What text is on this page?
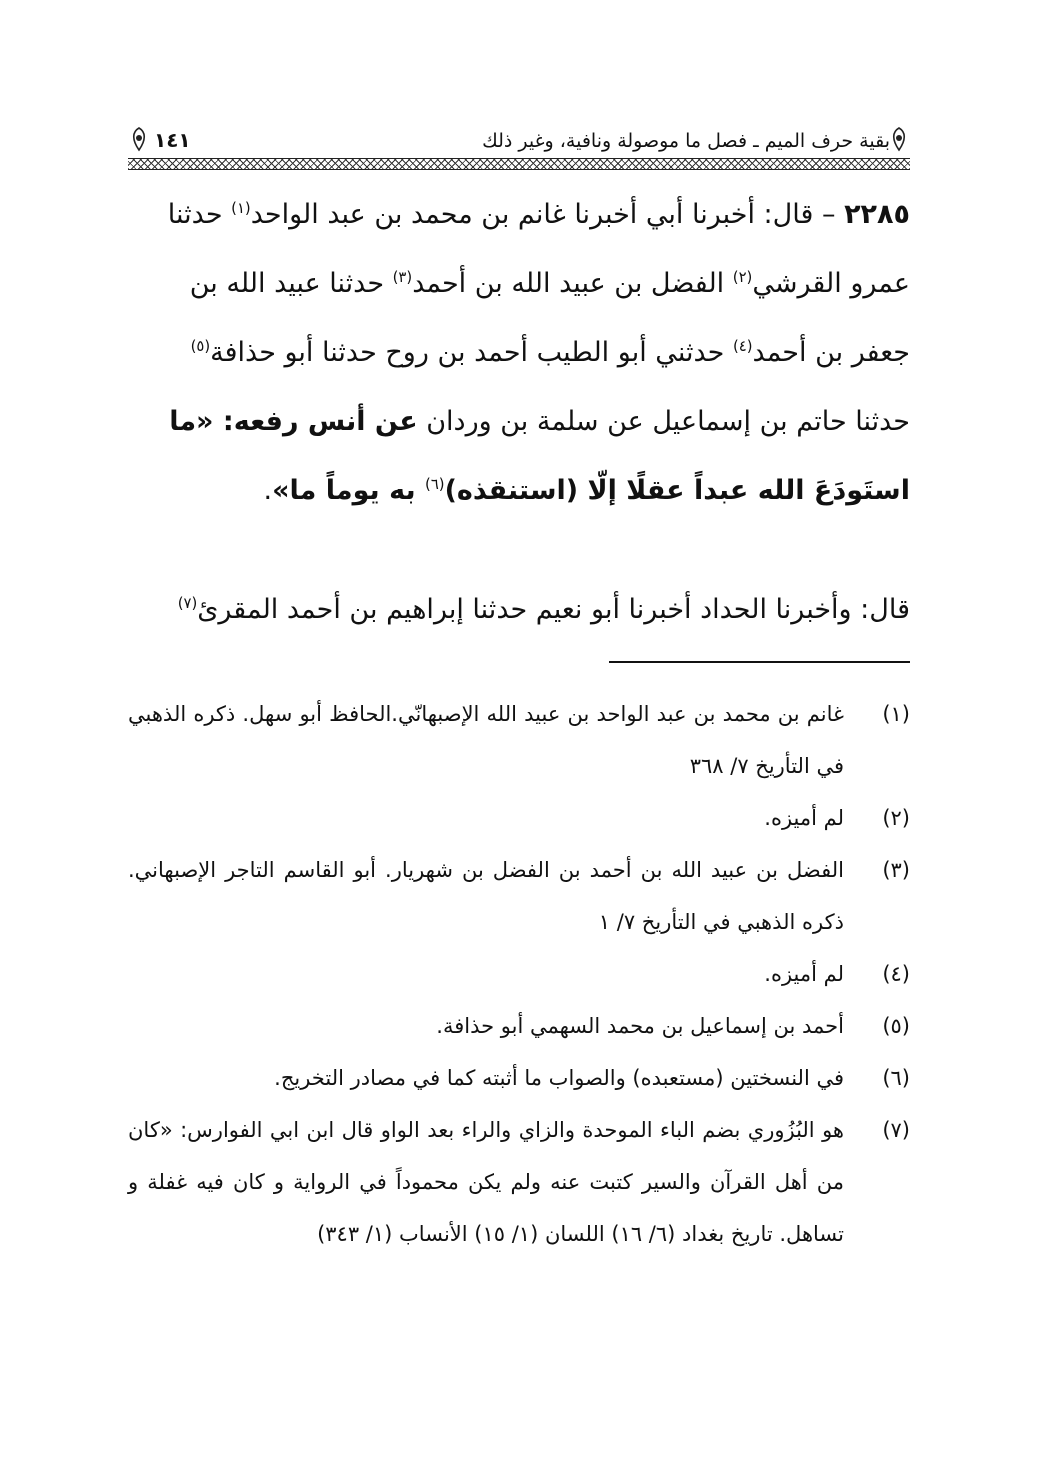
بقية حرف الميم ـ فصل ما موصولة ونافية، وغير ذلك
١٤١

٢٢٨٥ – قال: أخبرنا أبي أخبرنا غانم بن محمد بن عبد الواحد$^{(١)}$ حدثنا عمرو القرشي$^{(٢)}$ الفضل بن عبيد الله بن أحمد$^{(٣)}$ حدثنا عبيد الله بن جعفر بن أحمد$^{(٤)}$ حدثني أبو الطيب أحمد بن روح حدثنا أبو حذافة$^{(٥)}$ حدثنا حاتم بن إسماعيل عن سلمة بن وردان عن أنس رفعه: «ما استَودَعَ الله عبداً عقلًا إلّا (استنقذه)$^{(٦)}$ به يوماً ما».

قال: وأخبرنا الحداد أخبرنا أبو نعيم حدثنا إبراهيم بن أحمد المقرئ$^{(٧)}$
(١)
غانم بن محمد بن عبد الواحد بن عبيد الله الإصبهانّي.الحافظ أبو سهل. ذكره الذهبي في التأريخ ٧/ ٣٦٨
(٢)
لم أميزه.
(٣)
الفضل بن عبيد الله بن أحمد بن الفضل بن شهريار. أبو القاسم التاجر الإصبهاني. ذكره الذهبي في التأريخ ٧/ ١
(٤)
لم أميزه.
(٥)
أحمد بن إسماعيل بن محمد السهمي أبو حذافة.
(٦)
في النسختين (مستعبده) والصواب ما أثبته كما في مصادر التخريج.
(٧)
هو البُزُوري بضم الباء الموحدة والزاي والراء بعد الواو قال ابن ابي الفوارس: «كان من أهل القرآن والسير كتبت عنه ولم يكن محموداً في الرواية و كان فيه غفلة و تساهل. تاريخ بغداد (٦/ ١٦) اللسان (١/ ١٥) الأنساب (١/ ٣٤٣)
